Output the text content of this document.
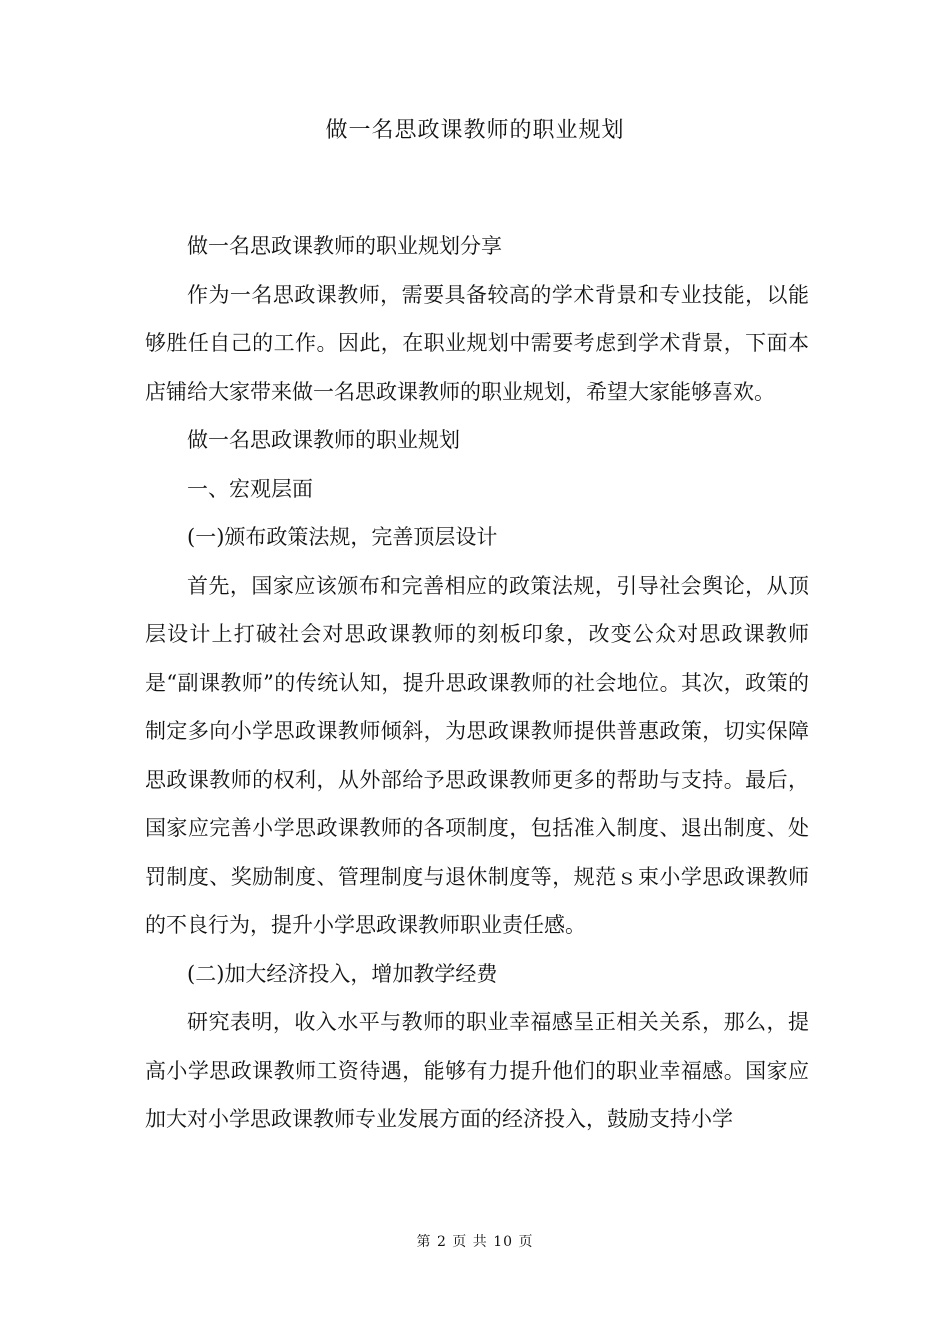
做一名思政课教师的职业规划

做一名思政课教师的职业规划分享

作为一名思政课教师，需要具备较高的学术背景和专业技能，以能够胜任自己的工作。因此，在职业规划中需要考虑到学术背景，下面本店铺给大家带来做一名思政课教师的职业规划，希望大家能够喜欢。

做一名思政课教师的职业规划

一、宏观层面

(一)颁布政策法规，完善顶层设计

首先，国家应该颁布和完善相应的政策法规，引导社会舆论，从顶层设计上打破社会对思政课教师的刻板印象，改变公众对思政课教师是“副课教师”的传统认知，提升思政课教师的社会地位。其次，政策的制定多向小学思政课教师倾斜，为思政课教师提供普惠政策，切实保障思政课教师的权利，从外部给予思政课教师更多的帮助与支持。最后，国家应完善小学思政课教师的各项制度，包括准入制度、退出制度、处罚制度、奖励制度、管理制度与退休制度等，规范ｓ束小学思政课教师的不良行为，提升小学思政课教师职业责任感。

(二)加大经济投入，增加教学经费

研究表明，收入水平与教师的职业幸福感呈正相关关系，那么，提高小学思政课教师工资待遇，能够有力提升他们的职业幸福感。国家应加大对小学思政课教师专业发展方面的经济投入，鼓励支持小学

第 2 页 共 10 页
